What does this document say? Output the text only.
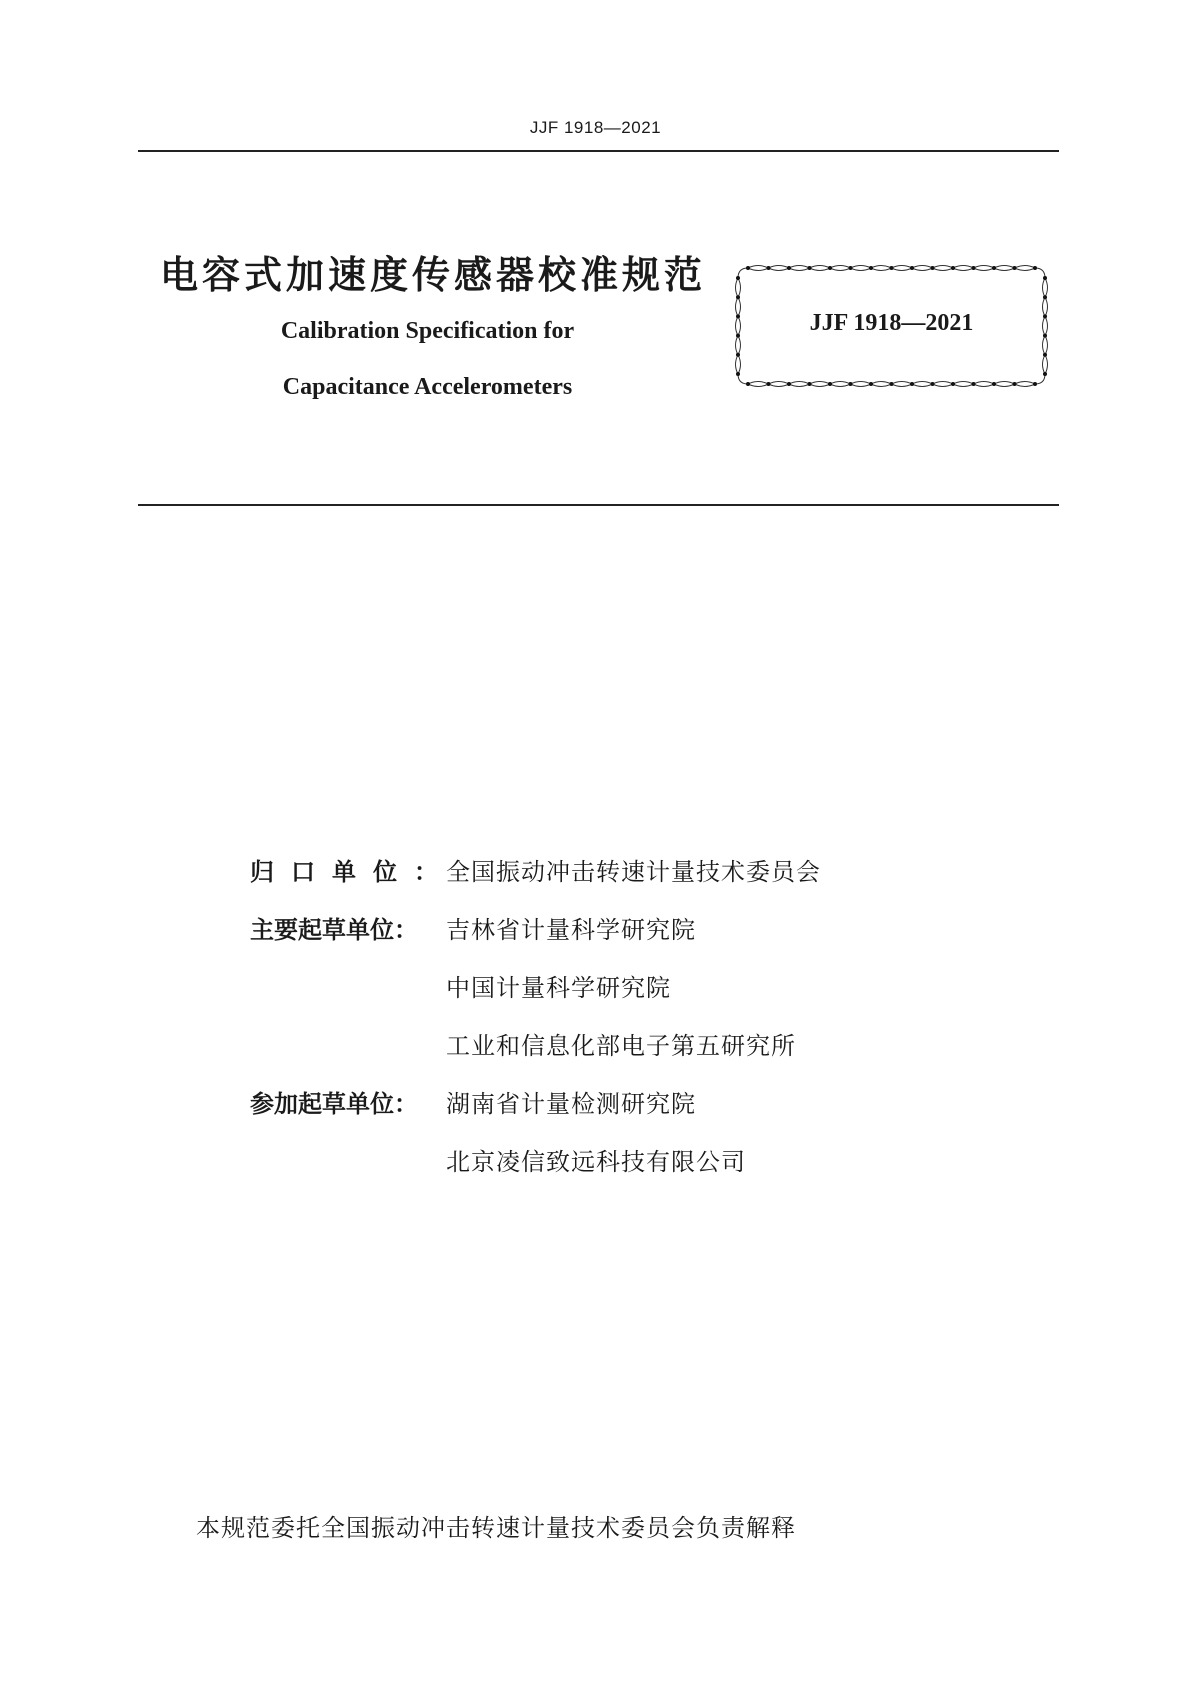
JJF 1918—2021
电容式加速度传感器校准规范
Calibration Specification for
Capacitance Accelerometers
JJF 1918—2021
归口单位：全国振动冲击转速计量技术委员会
主要起草单位： 吉林省计量科学研究院
中国计量科学研究院
工业和信息化部电子第五研究所
参加起草单位： 湖南省计量检测研究院
北京凌信致远科技有限公司
本规范委托全国振动冲击转速计量技术委员会负责解释
